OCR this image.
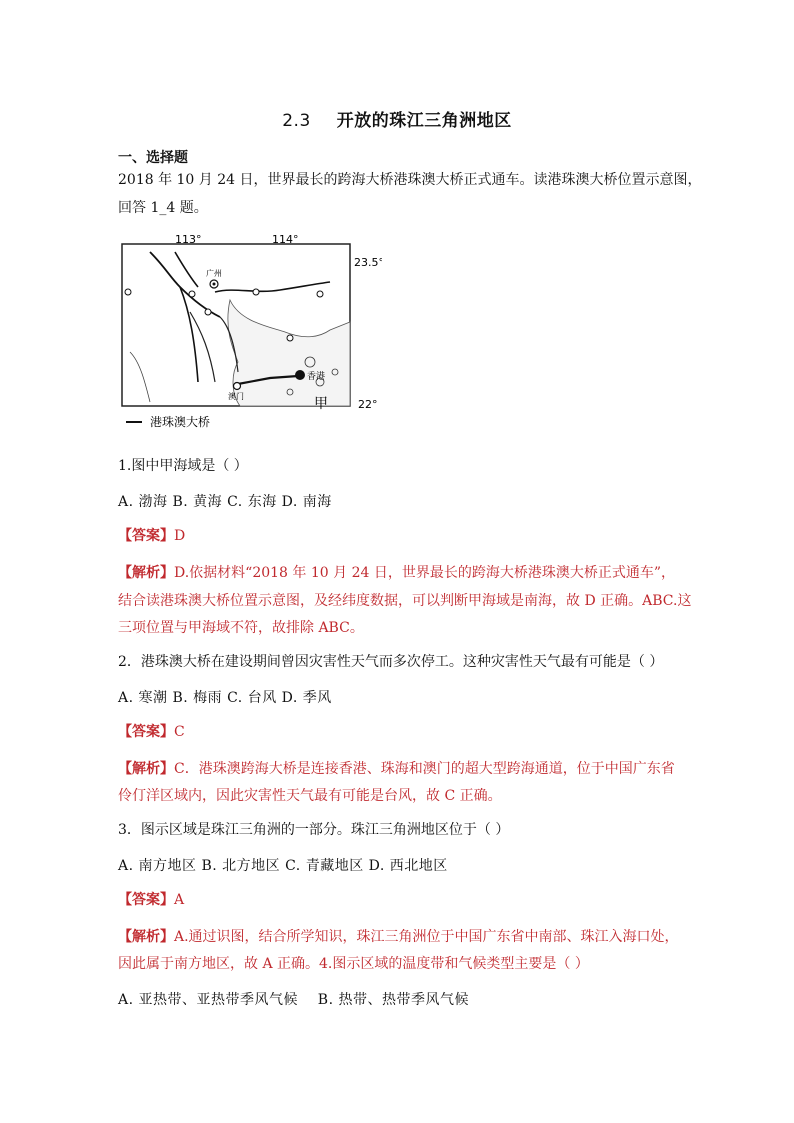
2.3 开放的珠江三角洲地区
一、选择题
2018 年 10 月 24 日，世界最长的跨海大桥港珠澳大桥正式通车。读港珠澳大桥位置示意图，
回答 1_4 题。
113°	114°
23.5°
22°
广州
香港
澳门	甲
港珠澳大桥
1.图中甲海域是（ ）
A. 渤海 B. 黄海 C. 东海 D. 南海
【答案】D
【解析】D.依据材料“2018 年 10 月 24 日，世界最长的跨海大桥港珠澳大桥正式通车”，
结合读港珠澳大桥位置示意图，及经纬度数据，可以判断甲海域是南海，故 D 正确。ABC.这
三项位置与甲海域不符，故排除 ABC。
2．港珠澳大桥在建设期间曾因灾害性天气而多次停工。这种灾害性天气最有可能是（ ）
A. 寒潮 B. 梅雨 C. 台风 D. 季风
【答案】C
【解析】C．港珠澳跨海大桥是连接香港、珠海和澳门的超大型跨海通道，位于中国广东省
伶仃洋区域内，因此灾害性天气最有可能是台风，故 C 正确。
3．图示区域是珠江三角洲的一部分。珠江三角洲地区位于（ ）
A. 南方地区 B. 北方地区 C. 青藏地区 D. 西北地区
【答案】A
【解析】A.通过识图，结合所学知识，珠江三角洲位于中国广东省中南部、珠江入海口处，
因此属于南方地区，故 A 正确。4.图示区域的温度带和气候类型主要是（ ）
A. 亚热带、亚热带季风气候    B. 热带、热带季风气候
